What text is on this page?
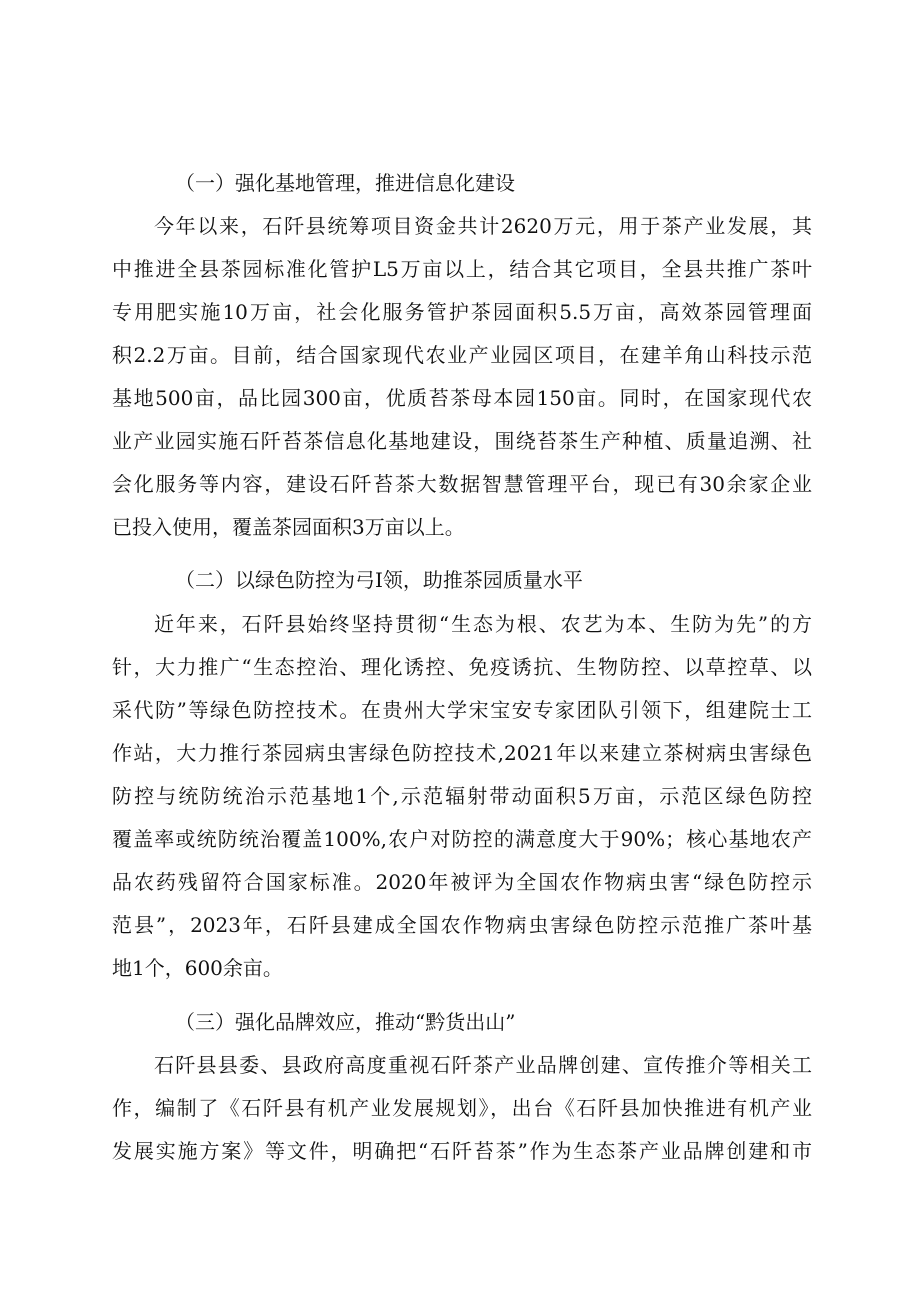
（一）强化基地管理，推进信息化建设
今年以来，石阡县统筹项目资金共计2620万元，用于茶产业发展，其
中推进全县茶园标准化管护L5万亩以上，结合其它项目，全县共推广茶叶
专用肥实施10万亩，社会化服务管护茶园面积5.5万亩，高效茶园管理面
积2.2万亩。目前，结合国家现代农业产业园区项目，在建羊角山科技示范
基地500亩，品比园300亩，优质苔茶母本园150亩。同时，在国家现代农
业产业园实施石阡苔茶信息化基地建设，围绕苔茶生产种植、质量追溯、社
会化服务等内容，建设石阡苔茶大数据智慧管理平台，现已有30余家企业
已投入使用，覆盖茶园面积3万亩以上。
（二）以绿色防控为弓I领，助推茶园质量水平
近年来，石阡县始终坚持贯彻“生态为根、农艺为本、生防为先”的方
针，大力推广“生态控治、理化诱控、免疫诱抗、生物防控、以草控草、以
采代防”等绿色防控技术。在贵州大学宋宝安专家团队引领下，组建院士工
作站，大力推行茶园病虫害绿色防控技术,2021年以来建立茶树病虫害绿色
防控与统防统治示范基地1个,示范辐射带动面积5万亩，示范区绿色防控
覆盖率或统防统治覆盖100%,农户对防控的满意度大于90%；核心基地农产
品农药残留符合国家标准。2020年被评为全国农作物病虫害“绿色防控示
范县”，2023年，石阡县建成全国农作物病虫害绿色防控示范推广茶叶基
地1个，600余亩。
（三）强化品牌效应，推动“黔货出山”
石阡县县委、县政府高度重视石阡茶产业品牌创建、宣传推介等相关工
作，编制了《石阡县有机产业发展规划》，出台《石阡县加快推进有机产业
发展实施方案》等文件，明确把“石阡苔茶”作为生态茶产业品牌创建和市
